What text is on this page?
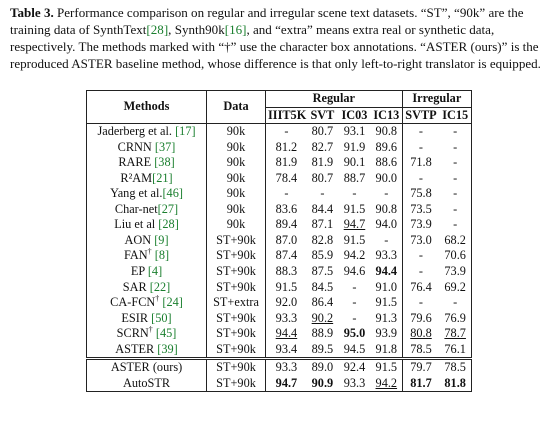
Table 3. Performance comparison on regular and irregular scene text datasets. “ST”, “90k” are the training data of SynthText[28], Synth90k[16], and “extra” means extra real or synthetic data, respectively. The methods marked with “†” use the character box annotations. “ASTER (ours)” is the reproduced ASTER baseline method, whose difference is that only left-to-right translator is equipped.
Methods	Data	Regular				Irregular	
		IIIT5K	SVT	IC03	IC13	SVTP	IC15
Jaderberg et al. [17]	90k	-	80.7	93.1	90.8	-	-
CRNN [37]	90k	81.2	82.7	91.9	89.6	-	-
RARE [38]	90k	81.9	81.9	90.1	88.6	71.8	-
R²AM[21]	90k	78.4	80.7	88.7	90.0	-	-
Yang et al.[46]	90k	-	-	-	-	75.8	-
Char-net[27]	90k	83.6	84.4	91.5	90.8	73.5	-
Liu et al [28]	90k	89.4	87.1	94.7	94.0	73.9	-
AON [9]	ST+90k	87.0	82.8	91.5	-	73.0	68.2
FAN† [8]	ST+90k	87.4	85.9	94.2	93.3	-	70.6
EP [4]	ST+90k	88.3	87.5	94.6	94.4	-	73.9
SAR [22]	ST+90k	91.5	84.5	-	91.0	76.4	69.2
CA-FCN† [24]	ST+extra	92.0	86.4	-	91.5	-	-
ESIR [50]	ST+90k	93.3	90.2	-	91.3	79.6	76.9
SCRN† [45]	ST+90k	94.4	88.9	95.0	93.9	80.8	78.7
ASTER [39]	ST+90k	93.4	89.5	94.5	91.8	78.5	76.1
ASTER (ours)	ST+90k	93.3	89.0	92.4	91.5	79.7	78.5
AutoSTR	ST+90k	94.7	90.9	93.3	94.2	81.7	81.8
